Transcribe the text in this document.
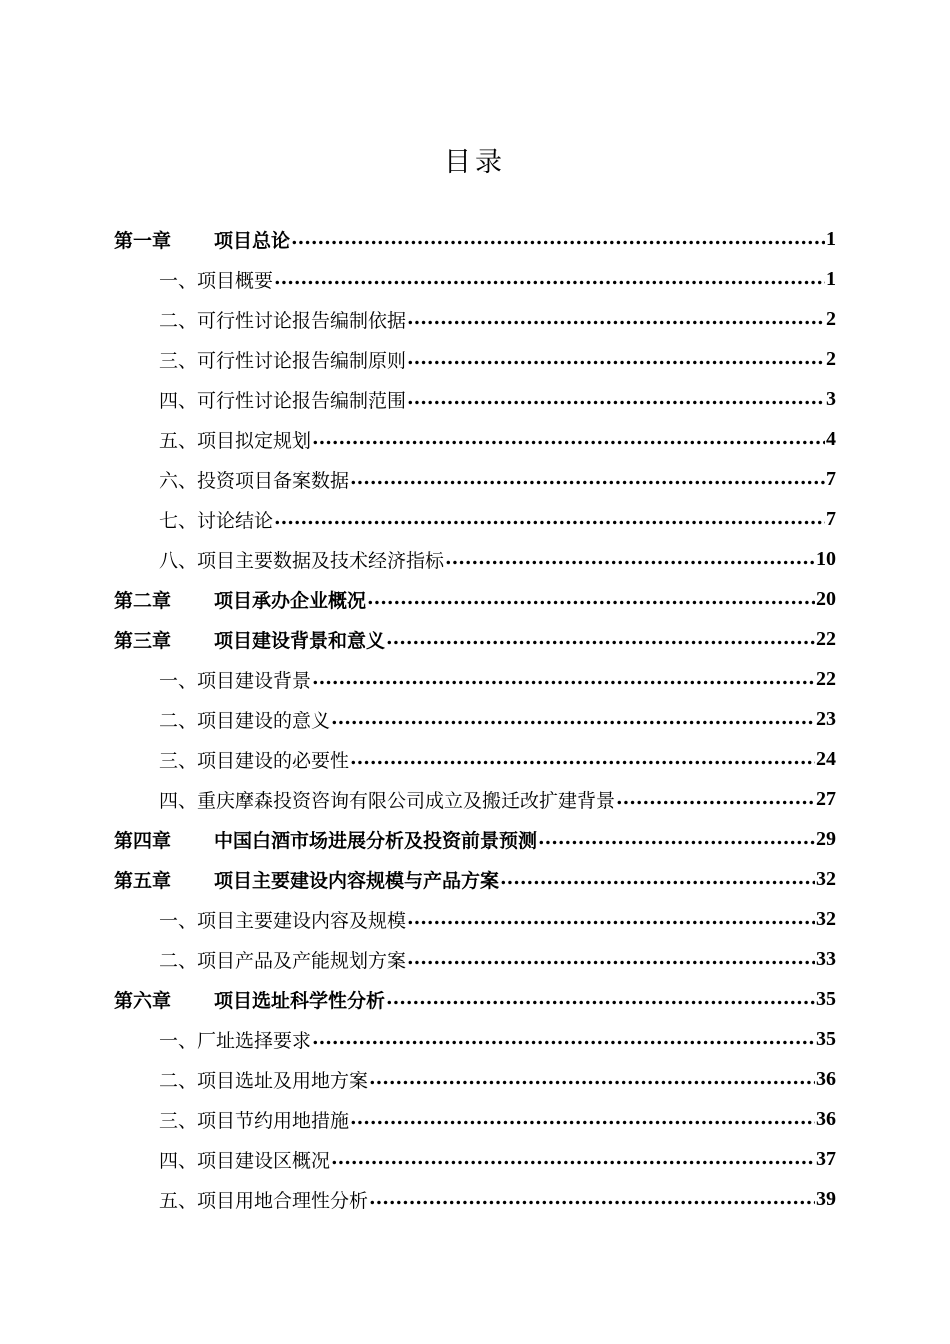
目录
第一章 项目总论 .....	1
一、项目概要 .....	1
二、可行性讨论报告编制依据 .....	2
三、可行性讨论报告编制原则 .....	2
四、可行性讨论报告编制范围 .....	3
五、项目拟定规划 .....	4
六、投资项目备案数据 .....	7
七、讨论结论 .....	7
八、项目主要数据及技术经济指标 .....	10
第二章 项目承办企业概况 .....	20
第三章 项目建设背景和意义 .....	22
一、项目建设背景 .....	22
二、项目建设的意义 .....	23
三、项目建设的必要性 .....	24
四、重庆摩森投资咨询有限公司成立及搬迁改扩建背景 .....	27
第四章 中国白酒市场进展分析及投资前景预测 .....	29
第五章 项目主要建设内容规模与产品方案 .....	32
一、项目主要建设内容及规模 .....	32
二、项目产品及产能规划方案 .....	33
第六章 项目选址科学性分析 .....	35
一、厂址选择要求 .....	35
二、项目选址及用地方案 .....	36
三、项目节约用地措施 .....	36
四、项目建设区概况 .....	37
五、项目用地合理性分析 .....	39
